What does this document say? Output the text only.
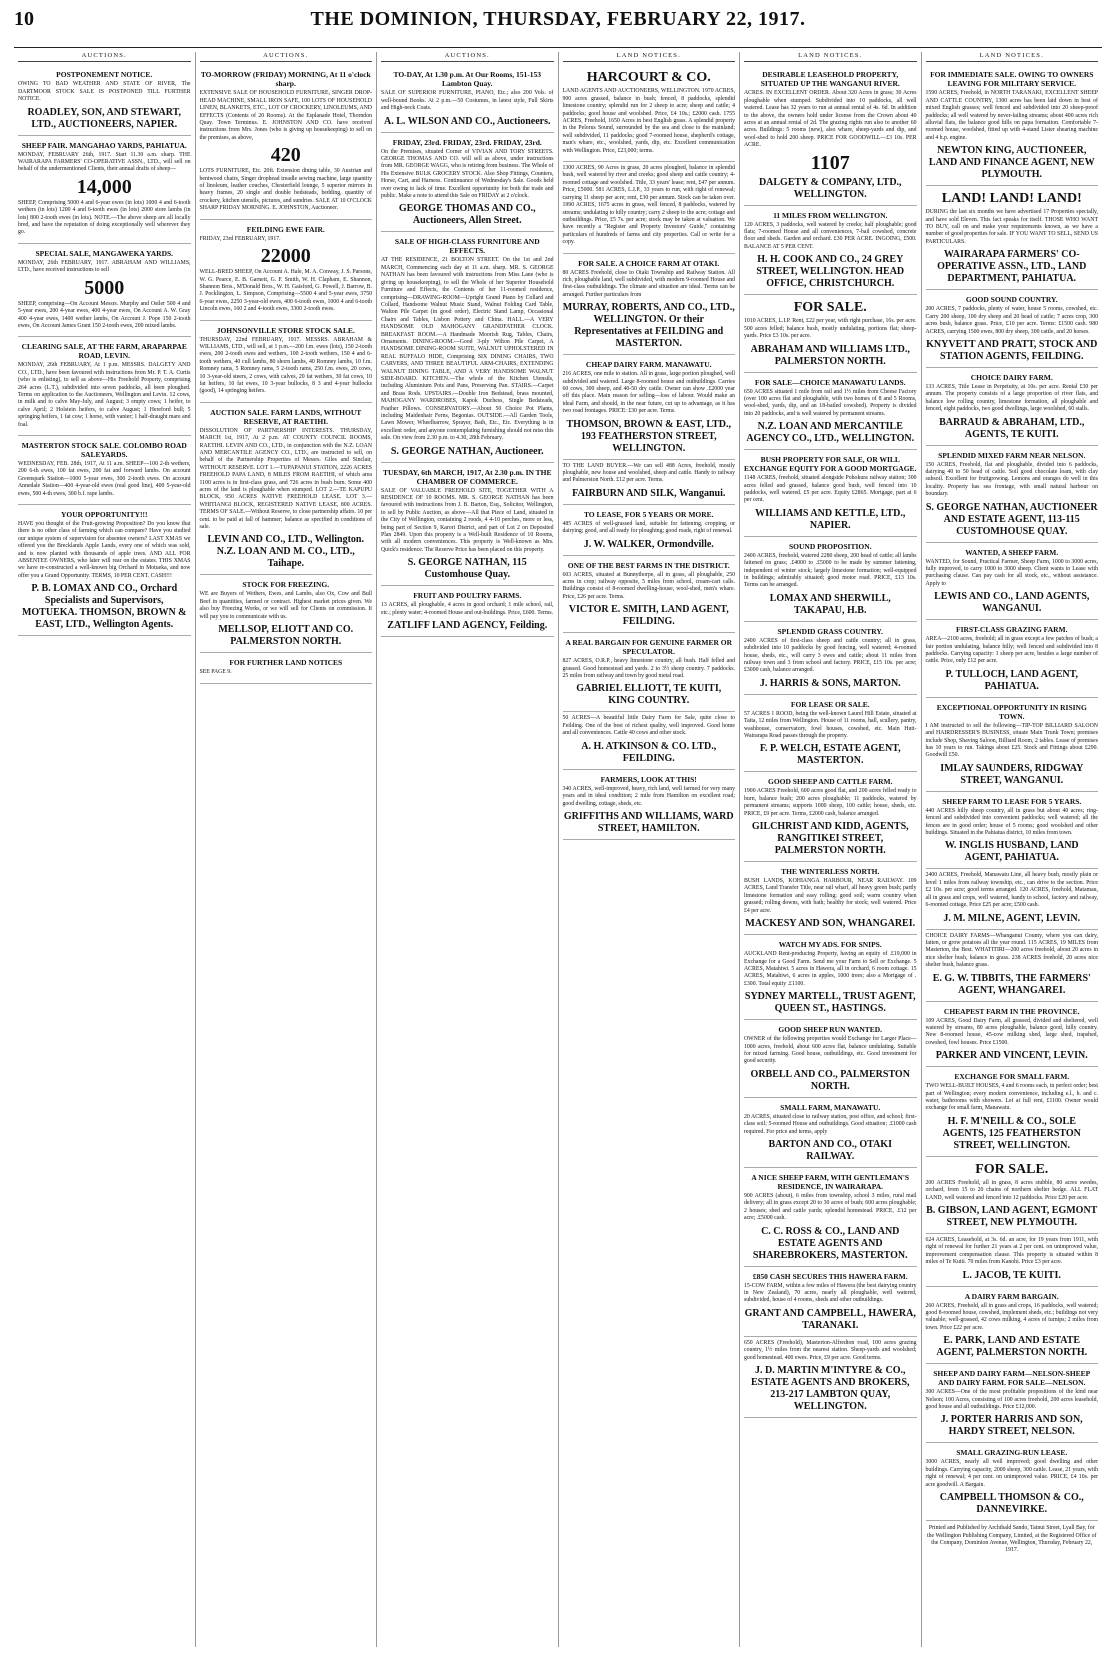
10	THE DOMINION, THURSDAY, FEBRUARY 22, 1917.
AUCTIONS.
POSTPONEMENT NOTICE.

OWING TO BAD WEATHER AND STATE OF RIVER, The DARTMOOR STOCK SALE IS POSTPONED TILL FURTHER NOTICE.

ROADLEY, SON, AND STEWART, LTD., AUCTIONEERS, NAPIER.
SHEEP FAIR. MANGAHAO YARDS, PAHIATUA.

MONDAY, FEBRUARY 26th, 1917. Start 11.30 a.m. sharp. THE WAIRARAPA FARMERS' CO-OPERATIVE ASSN., LTD., will sell on behalf of the undermentioned Clients, their annual drafts of sheep—

14,000

SHEEP, Comprising 5000 4 and 6-year ewes (in lots) 1000 4 and 6-tooth wethers (in lots) 1200 4 and 6-tooth ewes (in lots) 2000 store lambs (in lots) 800 2-tooth ewes (in lots). NOTE.—The above sheep are all locally bred, and have the reputation of doing exceptionally well wherever they go.

SPECIAL SALE, MANGAWEKA YARDS.

MONDAY, 26th FEBRUARY, 1917. ABRAHAM AND WILLIAMS, LTD., have received instructions to sell

5000

SHEEP, comprising—On Account Messrs. Murphy and Ostler 500 4 and 5-year ewes, 200 4-year ewes, 400 4-year ewes, On Account A. W. Gray 400 4-year ewes, 1400 wether lambs, On Account J. Pope 150 2-tooth ewes, On Account James Grant 150 2-tooth ewes, 200 mixed lambs.

CLEARING SALE, AT THE FARM, ARAPARPAE ROAD, LEVIN.

MONDAY, 26th FEBRUARY, At 1 p.m. MESSRS. DALGETY AND CO., LTD., have been favoured with instructions from Mr. P. T. A. Curtis (who is enlisting), to sell as above—His Freehold Property, comprising 264 acres (L.T.), subdivided into seven paddocks, all been ploughed. Terms on application to the Auctioneers, Wellington and Levin. 12 cows, in milk and to calve May-July, and August; 3 empty cows; 1 heifer, to calve April; 2 Holstein heifers, to calve August; 1 Hereford bull; 5 springing heifers, 1 fat cow; 1 horse, with vanier; 1 half-draught mare and foal.

MASTERTON STOCK SALE. COLOMBO ROAD SALEYARDS.

WEDNESDAY, FEB. 28th, 1917, At 11 a.m. SHEEP—100 2-th wethers, 200 6-th ewes, 100 fat ewes, 200 fat and forward lambs. On account Greenspark Station—1000 5-year ewes, 300 2-tooth ewes. On account Annedale Station—400 4-year-old ewes (real good line), 400 5-year-old ewes, 500 4-th ewes, 300 b.f. rape lambs.

YOUR OPPORTUNITY!!!

HAVE you thought of the Fruit-growing Proposition? Do you know that there is no other class of farming which can compare? Have you studied our unique system of supervision for absentee owners? LAST XMAS we offered you the Brecklands Apple Lands, every one of which was sold, and is now planted with thousands of apple trees. AND ALL FOR ABSENTEE OWNERS, who later will rear on the estates. THIS XMAS we have re-constructed a well-known big Orchard in Motueka, and now offer you a Grand Opportunity. TERMS, 10 PER CENT. CASH!!!

P. B. LOMAX AND CO., Orchard Specialists and Supervisors, MOTUEKA. THOMSON, BROWN & EAST, LTD., Wellington Agents.
AUCTIONS.
TO-MORROW (FRIDAY) MORNING, At 11 o'clock sharp.

EXTENSIVE SALE OF HOUSEHOLD FURNITURE, SINGER DROP-HEAD MACHINE, SMALL IRON SAFE, 100 LOTS OF HOUSEHOLD LINEN, BLANKETS, ETC., LOT OF CROCKERY, LINOLEUMS, AND EFFECTS (Contents of 20 Rooms). At the Esplanade Hotel, Thorndon Quay. Town Terminus. E. JOHNSTON AND CO. have received instructions from Mrs. Jones (who is giving up housekeeping) to sell on the premises, as above,

420

LOTS FURNITURE, Etc. 20ft. Extension dining table, 30 Austrian and bentwood chairs, Singer drophead treadle sewing machine, large quantity of linoleum, leather couches, Chesterfield lounge, 5 superior mirrors in heavy frames, 20 single and double bedsteads, bedding, quantity of crockery, kitchen utensils, pictures, and sundries. SALE AT 10 O'CLOCK SHARP FRIDAY MORNING. E. JOHNSTON, Auctioneer.

FEILDING EWE FAIR.

FRIDAY, 23rd FEBRUARY, 1917.

22000

WELL-BRED SHEEP, On Account A. Hale, M. A. Conway, J. S. Parsons, W. G. Pearce, E. B. Garnett, G. F. Smith, W. H. Clapham, E. Shannon, Shannon Bros., M'Donald Bros., W. H. Gaisford, G. Powell, J. Barrow, B. J. Pocklington, L. Simpson, Comprising—5500 4 and 5-year ewes, 3750 6-year ewes, 2250 3-year-old ewes, 400 6-tooth ewes, 1000 4 and 6-tooth Lincoln ewes, 160 2 and 4-tooth ewes, 3300 2-tooth ewes.

JOHNSONVILLE STORE STOCK SALE.

THURSDAY, 22nd FEBRUARY, 1917. MESSRS. ABRAHAM & WILLIAMS, LTD., will sell, at 1 p.m.—200 f.m. ewes (lots), 150 2-tooth ewes, 200 2-tooth ewes and wethers, 100 2-tooth wethers, 150 4 and 6-tooth wethers, 40 cull lambs, 80 shorn lambs, 40 Romney lambs, 10 f.m. Romney rams, 5 Romney rams, 5 2-tooth rams, 250 f.m. ewes, 20 cows, 10 3-year-old steers, 2 cows, with calves, 20 fat wethers, 30 fat cows, 10 fat heifers, 10 fat ewes, 10 3-year bullocks, 8 3 and 4-year bullocks (good), 14 springing heifers.

AUCTION SALE. FARM LANDS, WITHOUT RESERVE, AT RAETIHI.

DISSOLUTION OF PARTNERSHIP INTERESTS. THURSDAY, MARCH 1st, 1917, At 2 p.m. AT COUNTY COUNCIL ROOMS, RAETIHI. LEVIN AND CO., LTD., in conjunction with the N.Z. LOAN AND MERCANTILE AGENCY CO., LTD., are instructed to sell, on behalf of the Partnership Properties of Messrs. Giles and Sinclair, WITHOUT RESERVE. LOT 1.—TUPAPANUI STATION, 2226 ACRES FREEHOLD PAPA LAND, 8 MILES FROM RAETIHI, of which area 1100 acres is in first-class grass, and 726 acres in bush burn. Some 400 acres of the land is ploughable when stumped. LOT 2.—TE KAPUPU BLOCK, 950 ACRES NATIVE FREEHOLD LEASE. LOT 3.—WHITIANGI BLOCK, REGISTERED NATIVE LEASE, 800 ACRES. TERMS OF SALE.—Without Reserve, to close partnership affairs. 10 per cent. to be paid at fall of hammer; balance as specified in conditions of sale.

LEVIN AND CO., LTD., Wellington. N.Z. LOAN AND M. CO., LTD., Taihape.
STOCK FOR FREEZING.

WE are Buyers of Wethers, Ewes, and Lambs, also Ox, Cow and Bull Beef in quantities, farmed or contract. Highest market prices given. We also buy Freezing Works, or we will sell for Clients on commission. It will pay you to communicate with us.

MELLSOP, ELIOTT AND CO. PALMERSTON NORTH.
FOR FURTHER LAND NOTICES

SEE PAGE 9.

AUCTIONS.
TO-DAY, At 1.30 p.m. At Our Rooms, 151-153 Lambton Quay.

SALE OF SUPERIOR FURNITURE, PIANO, Etc.; also 200 Vols. of well-bound Books. At 2 p.m.—50 Costumes, in latest style, Full Skirts and High-neck Coats.

A. L. WILSON AND CO., Auctioneers.
FRIDAY, 23rd. FRIDAY, 23rd. FRIDAY, 23rd.

On the Premises, situated Corner of VIVIAN AND TORY STREETS. GEORGE THOMAS AND CO. will sell as above, under instructions from MR. GEORGE WAGG, who is retiring from business. The Whole of His Extensive BULK GROCERY STOCK. Also Shop Fittings, Counters, Horse, Cart, and Harness. Continuance of Wednesday's Sale. Goods held over owing to lack of time. Excellent opportunity for both the trade and public. Make a note to attend this Sale on FRIDAY at 2 o'clock.

GEORGE THOMAS AND CO., Auctioneers, Allen Street.
SALE OF HIGH-CLASS FURNITURE AND EFFECTS.

AT THE RESIDENCE, 21 BOLTON STREET. On the 1st and 2nd MARCH, Commencing each day at 11 a.m. sharp. MR. S. GEORGE NATHAN has been favoured with instructions from Miss Lane (who is giving up housekeeping), to sell the Whole of her Superior Household Furniture and Effects, the Contents of her 11-roomed residence, comprising—DRAWING-ROOM—Upright Grand Piano by Collard and Collard, Handsome Walnut Music Stand, Walnut Folding Card Table, Walton Pile Carpet (in good order), Electric Stand Lamp, Occasional Chairs and Tables, Lisbon Pottery and China. HALL.—A VERY HANDSOME OLD MAHOGANY GRANDFATHER CLOCK. BREAKFAST ROOM.—A Handmade Moorish Rug, Tables, Chairs, Ornaments. DINING-ROOM.—Good 3-ply Wilton Pile Carpet, A HANDSOME DINING-ROOM SUITE, WALNUT UPHOLSTERED IN REAL BUFFALO HIDE, Comprising SIX DINING CHAIRS, TWO CARVERS, AND THREE BEAUTIFUL ARM-CHAIRS, EXTENDING WALNUT DINING TABLE, AND A VERY HANDSOME WALNUT SIDE-BOARD. KITCHEN.—The whole of the Kitchen Utensils, including Aluminium Pots and Pans, Preserving Pan. STAIRS.—Carpet and Brass Rods. UPSTAIRS.—Double Iron Bedstead, brass mounted, MAHOGANY WARDROBES, Kapok Duchess, Single Bedsteads, Feather Pillows. CONSERVATORY.—About 50 Choice Pot Plants, including Maidenhair Ferns, Begonias. OUTSIDE.—All Garden Tools, Lawn Mower, Wheelbarrow, Sprayer, Bath, Etc., Etc. Everything is in excellent order, and anyone contemplating furnishing should not miss this sale. On view from 2.30 p.m. to 4.30, 28th February.

S. GEORGE NATHAN, Auctioneer.
TUESDAY, 6th MARCH, 1917, At 2.30 p.m. IN THE CHAMBER OF COMMERCE.

SALE OF VALUABLE FREEHOLD SITE, TOGETHER WITH A RESIDENCE OF 10 ROOMS. MR. S. GEORGE NATHAN has been favoured with instructions from J. B. Barton, Esq., Solicitor, Wellington, to sell by Public Auction, as above—All that Piece of Land, situated in the City of Wellington, containing 2 roods, 4 4-10 perches, more or less, being part of Section 9, Karori District, and part of Lot 2 on Deposited Plan 2849. Upon this property is a Well-built Residence of 10 Rooms, with all modern conveniences. This property is Well-known as Mrs. Quick's residence. The Reserve Price has been placed on this property.

S. GEORGE NATHAN, 115 Customhouse Quay.
FRUIT AND POULTRY FARMS.

13 ACRES, all ploughable, 4 acres in good orchard; 1 mile school, rail, etc.; plenty water; 4-roomed House and out-buildings. Price, £600. Terms.

ZATLIFF LAND AGENCY, Feilding.
LAND NOTICES.
HARCOURT & CO.

LAND AGENTS AND AUCTIONEERS, WELLINGTON. 1970 ACRES, 900 acres grassed, balance in bush; fenced, 8 paddocks, splendid limestone country; splendid run for 2 sheep to acre; sheep and cattle; 4 paddocks; good house and woolshed. Price, £4 10s.; £2000 cash. 1755 ACRES, Freehold, 1650 Acres in best English grass. A splendid property in the Pelorus Sound, surrounded by the sea and close to the mainland; well subdivided, 11 paddocks; good 7-roomed house, shepherd's cottage, man's whare, etc., woolshed, yards, dip, etc. Excellent communication with Wellington. Price, £23,000; terms.

1300 ACRES, 90 Acres in grass, 20 acres ploughed, balance in splendid bush, well watered by river and creeks; good sheep and cattle country; 4-roomed cottage and woolshed. Title, 33 years' lease; rent, £47 per annum. Price, £5000. 581 ACRES, L.I.P., 33 years to run, with right of renewal; carrying 11 sheep per acre; rent, £30 per annum. Stock can be taken over. 1990 ACRES, 1675 acres in grass, well fenced, 8 paddocks, watered by streams; undulating to hilly country; carry 2 sheep to the acre; cottage and outbuildings. Price, £5 7s. per acre; stock may be taken at valuation. We have recently a "Register and Property Investors' Guide," containing particulars of hundreds of farms and city properties. Call or write for a copy.

FOR SALE. A CHOICE FARM AT OTAKI.

80 ACRES Freehold, close to Otaki Township and Railway Station. All rich, ploughable land, well subdivided, with modern 9-roomed House and first-class outbuildings. The climate and situation are ideal. Terms can be arranged. Further particulars from

MURRAY, ROBERTS, AND CO., LTD., WELLINGTON. Or their Representatives at FEILDING and MASTERTON.
CHEAP DAIRY FARM. MANAWATU.

216 ACRES, one mile to station. All in grass, large portion ploughed, well subdivided and watered. Large 8-roomed house and outbuildings. Carries 60 cows, 300 sheep, and 40-50 dry cattle. Owner can show .£2000 year off this place. Main reason for selling—loss of labour. Would make an ideal Farm, and should, in the near future, cut up to advantage, as it has two road frontages. PRICE: £30 per acre. Terms.

THOMSON, BROWN & EAST, LTD., 193 FEATHERSTON STREET, WELLINGTON.

TO THE LAND BUYER.—We can sell 488 Acres, freehold, mostly ploughable, new house and woolshed, sheep and cattle. Handy to railway and Palmerston North. £12 per acre. Terms.

FAIRBURN AND SILK, Wanganui.
TO LEASE, FOR 5 YEARS OR MORE.

485 ACRES of well-grassed land, suitable for fattening, cropping, or dairying; good, and all ready for ploughing; good roads, right of renewal.

J. W. WALKER, Ormondville.
ONE OF THE BEST FARMS IN THE DISTRICT.

603 ACRES, situated at Bunnythorpe, all in grass, all ploughable, 250 acres in crop; railway opposite, 5 miles from school, cream-cart calls. Buildings consist of 8-roomed dwelling-house, wool-shed, men's whare. Price, £26 per acre. Terms.

VICTOR E. SMITH, LAND AGENT, FEILDING.
A REAL BARGAIN FOR GENUINE FARMER OR SPECULATOR.

827 ACRES, O.R.P., heavy limestone country, all bush. Half felled and grassed. Good homestead and yards. 2 to 3½ sheep country. 7 paddocks. 25 miles from railway and town by good metal road.

GABRIEL ELLIOTT, TE KUITI, KING COUNTRY.

50 ACRES—A beautiful little Dairy Farm for Sale, quite close to Feilding. One of the best of richest quality, well improved. Good home and all conveniences. Cattle 40 cows and other stock.

A. H. ATKINSON & CO. LTD., FEILDING.
FARMERS, LOOK AT THIS!

340 ACRES, well-improved, heavy, rich land, well farmed for very many years and in ideal condition; 2 mile from Hamilton on excellent road; good dwelling, cottage, sheds, etc.

GRIFFITHS AND WILLIAMS, WARD STREET, HAMILTON.
LAND NOTICES.
DESIRABLE LEASEHOLD PROPERTY, SITUATED UP THE WANGANUI RIVER.

ACRES. IN EXCELLENT ORDER. About 320 Acres in grass; 30 Acres ploughable when stumped. Subdivided into 10 paddocks, all well watered. Lease has 32 years to run at annual rental of 4s. 6d. In addition to the above, the owners hold under license from the Crown about 40 acres at an annual rental of 2d. The grazing rights run also to another 60 acres. Buildings: 5 rooms (new), also whare, sheep-yards and dip, and wool-shed to hold 200 sheep. PRICE FOR GOODWILL—£3 10s. PER ACRE.

1107
DALGETY & COMPANY, LTD., WELLINGTON.
11 MILES FROM WELLINGTON.

120 ACRES, 3 paddocks, well watered by creeks; half ploughable; good flats; 7-roomed House and all conveniences, 7-bail cowshed, concrete floor and sheds. Garden and orchard. £30 PER ACRE. INGOING, £500. BALANCE AT 5 PER CENT.

H. H. COOK AND CO., 24 GREY STREET, WELLINGTON. HEAD OFFICE, CHRISTCHURCH.
FOR SALE.

1010 ACRES, L.I.P. Rent, £22 per year, with right purchase, 16s. per acre. 500 acres felled; balance bush, mostly undulating, portions flat; sheep-yards. Price £3 10s. per acre.

ABRAHAM AND WILLIAMS LTD., PALMERSTON NORTH.
FOR SALE—CHOICE MANAWATU LANDS.

650 ACRES situated 1 mile from rail and 1½ miles from Cheese Factory (over 100 acres flat and ploughable, with two homes of 8 and 5 Rooms, wool-shed, yards, dip, and an 18-bailed cowshed). Property is divided into 20 paddocks, and is well watered by permanent streams.

N.Z. LOAN AND MERCANTILE AGENCY CO., LTD., WELLINGTON.
BUSH PROPERTY FOR SALE, OR WILL EXCHANGE EQUITY FOR A GOOD MORTGAGE.

1148 ACRES, freehold, situated alongside Pohokura railway station; 300 acres felled and grassed, balance good bush, well fenced into 10 paddocks, well watered. £5 per acre. Equity £2865. Mortgage, part at 6 per cent.

WILLIAMS AND KETTLE, LTD., NAPIER.
SOUND PROPOSITION.

2400 ACRES, freehold, watered 2280 sheep, 200 head of cattle; all lambs fattened on grass; .£4000 to .£5000 to be made by summer fattening, independent of winter stock; largely limestone formation; well-equipped in buildings; admirably situated; good motor road. PRICE, £13 10s. Terms can be arranged.

LOMAX AND SHERWILL, TAKAPAU, H.B.
SPLENDID GRASS COUNTRY.

2400 ACRES of first-class sheep and cattle country; all in grass, subdivided into 10 paddocks by good fencing, well watered; 4-roomed house, sheds, etc., will carry 3 ewes and cattle; about 11 miles from railway town and 3 from school and factory. PRICE, £15 10s. per acre; £3000 cash, balance arranged.

J. HARRIS & SONS, MARTON.
FOR LEASE OR SALE.

57 ACRES 1 ROOD, being the well-known Laurel Hill Estate, situated at Taita, 12 miles from Wellington. House of 11 rooms, hall, scullery, pantry, washhouse, conservatory, fowl houses, cowshed, etc. Main Hutt-Wairarapa Road passes through the property.

F. P. WELCH, ESTATE AGENT, MASTERTON.
GOOD SHEEP AND CATTLE FARM.

1900 ACRES Freehold, 600 acres good flat, and 200 acres felled ready to burn, balance bush; 200 acres ploughable; 11 paddocks, watered by permanent streams; supports 1000 sheep, 100 cattle; house, sheds, etc. PRICE, £9 per acre. Terms, £2000 cash, balance arranged.

GILCHRIST AND KIDD, AGENTS, RANGITIKEI STREET, PALMERSTON NORTH.
THE WINTERLESS NORTH.

BUSH LANDS, KOHIANGA HARBOUR, NEAR RAILWAY. 109 ACRES, Land Transfer Title, near rail wharf, all heavy green bush; partly limestone formation and easy rolling; good soil; warm country when grassed; rolling downs, with bath; healthy for stock; well watered. Price £4 per acre.

MACKESY AND SON, WHANGAREI.
WATCH MY ADS. FOR SNIPS.

AUCKLAND Rent-producing Property, having an equity of .£19,000 in Exchange for a Good Farm. Send me your Farm to Sell or Exchange. 5 ACRES, Matahiwi. 5 acres in Hawera, all in orchard, 6 room cottage. 15 ACRES, Matahiwi, 6 acres in apples, 1000 trees; also a Mortgage of .£300. Total equity .£1100.

SYDNEY MARTELL, TRUST AGENT, QUEEN ST., HASTINGS.
GOOD SHEEP RUN WANTED.

OWNER of the following properties would Exchange for Larger Place—1000 acres, freehold, about 600 acres flat, balance undulating. Suitable for mixed farming. Good house, outbuildings, etc. Good investment for good security.

ORBELL AND CO., PALMERSTON NORTH.
SMALL FARM, MANAWATU.

20 ACRES, situated close to railway station, post office, and school; first-class soil; 5-roomed House and outbuildings. Good situation; .£1000 cash required. For price and terms, apply

BARTON AND CO., OTAKI RAILWAY.
A NICE SHEEP FARM, WITH GENTLEMAN'S RESIDENCE, IN WAIRARAPA.

900 ACRES (about), 6 miles from township, school 3 miles, rural mail delivery; all in grass except 20 to 30 acres of bush; 600 acres ploughable; 2 houses; shed and cattle yards; splendid homestead. PRICE, .£12 per acre; .£5000 cash.

C. C. ROSS & CO., LAND AND ESTATE AGENTS AND SHAREBROKERS, MASTERTON.
£850 CASH SECURES THIS HAWERA FARM.

15-COW FARM, within a few miles of Hawera (the best dairying country in New Zealand), 70 acres, nearly all ploughable, well watered, subdivided, house of 4 rooms, sheds and other outbuildings.

GRANT AND CAMPBELL, HAWERA, TARANAKI.

650 ACRES (Freehold), Masterton-Alfredton road, 100 acres grazing country, 1½ miles from the nearest station. Sheep-yards and woolshed; good homestead. 400 ewes. Price, £9 per acre. Good terms.

J. D. MARTIN M'INTYRE & CO., ESTATE AGENTS AND BROKERS, 213-217 LAMBTON QUAY, WELLINGTON.
LAND NOTICES.
FOR IMMEDIATE SALE. OWING TO OWNERS LEAVING FOR MILITARY SERVICE.

1590 ACRES, Freehold, in NORTH TARANAKI, EXCELLENT SHEEP AND CATTLE COUNTRY, 1300 acres has been laid down in best of mixed English grasses; well fenced and subdivided into 20 sheep-proof paddocks; all well watered by never-failing streams; about 400 acres rich alluvial flats, the balance good hills on papa formation. Comfortable 7-roomed house, woolshed, fitted up with 4-stand Lister shearing machine and 4 h.p. engine.

NEWTON KING, AUCTIONEER, LAND AND FINANCE AGENT, NEW PLYMOUTH.
LAND! LAND! LAND!

DURING the last six months we have advertised 17 Properties specially, and have sold Eleven. This fact speaks for itself. THOSE WHO WANT TO BUY, call on and make your requirements known, as we have a number of good properties for sale. IF YOU WANT TO SELL, SEND US PARTICULARS.

WAIRARAPA FARMERS' CO-OPERATIVE ASSN., LTD., LAND DEPARTMENT, PAHIATUA.
GOOD SOUND COUNTRY.

200 ACRES, 7 paddocks, plenty of water, house 5 rooms, cowshed, etc. Carry 200 sheep, 100 dry sheep and 20 head of cattle; 7 acres crop, 300 acres bush, balance grass. Price, £10 per acre. Terms: £1500 cash. 980 ACRES, carrying 1500 ewes, 800 dry sheep, 300 cattle, and 20 horses.

KNYVETT AND PRATT, STOCK AND STATION AGENTS, FEILDING.
CHOICE DAIRY FARM.

133 ACRES, Title Lease in Perpetuity, at 10s. per acre. Rental £30 per annum. The property consists of a large proportion of river flats, and balance low rolling country, limestone formation, all ploughable and fenced, eight paddocks, two good dwellings, large woolshed, 60 stalls.

BARRAUD & ABRAHAM, LTD., AGENTS, TE KUITI.
SPLENDID MIXED FARM NEAR NELSON.

150 ACRES, Freehold, flat and ploughable, divided into 6 paddocks, dairying 40 to 50 head of cattle. Soil good chocolate loam, with clay subsoil. Excellent for fruitgrowing. Lemons and oranges do well in this locality. Property has sea frontage, with small natural harbour on boundary.

S. GEORGE NATHAN, AUCTIONEER AND ESTATE AGENT, 113-115 CUSTOMHOUSE QUAY.
WANTED, A SHEEP FARM.

WANTED, for Sound, Practical Farmer, Sheep Farm, 1000 to 3000 acres, fully improved, to carry 1000 to 3000 sheep. Client wants to Lease with purchasing clause. Can pay cash for all stock, etc., without assistance. Apply to

LEWIS AND CO., LAND AGENTS, WANGANUI.
FIRST-CLASS GRAZING FARM.

AREA—2100 acres, freehold; all in grass except a few patches of bush; a fair portion undulating, balance hilly; well fenced and subdivided into 8 paddocks. Carrying capacity: 1 sheep per acre, besides a large number of cattle. Price, only £12 per acre.

P. TULLOCH, LAND AGENT, PAHIATUA.
EXCEPTIONAL OPPORTUNITY IN RISING TOWN.

I AM instructed to sell the following—TIP-TOP BILLIARD SALOON and HAIRDRESSER'S BUSINESS, situate Main Trunk Town; premises include Shop, Shaving Saloon, Billiard Room, 2 tables. Lease of premises has 10 years to run. Takings about £25. Stock and Fittings about £290. Goodwill £50.

IMLAY SAUNDERS, RIDGWAY STREET, WANGANUI.
SHEEP FARM TO LEASE FOR 5 YEARS.

440 ACRES hilly sheep country, all in grass but about 40 acres; ring-fenced and subdivided into convenient paddocks; well watered; all the fences are in good order; house of 5 rooms; good woolshed and other buildings. Situated in the Pahiatua district, 10 miles from town.

W. INGLIS HUSBAND, LAND AGENT, PAHIATUA.

2400 ACRES, Freehold, Manawatu Line, all heavy bush, mostly plain or level 1 miles from railway township, etc., can drive to the section. Price £2 10s. per acre; good terms arranged. 120 ACRES, freehold, Matamau, all in grass and crops, well watered, handy to school, factory and railway, 6-roomed cottage. Price £25 per acre; £500 cash.

J. M. MILNE, AGENT, LEVIN.

CHOICE DAIRY FARMS—Whanganui County, where you can dairy, fatten, or grow potatoes all the year round. 115 ACRES, 19 MILES from Masterton, the Best. WHATITIRI—200 acres freehold, about 20 acres in nice shelter bush, balance in grass. 238 ACRES freehold, 20 acres nice shelter bush, balance grass.

E. G. W. TIBBITS, THE FARMERS' AGENT, WHANGAREI.
CHEAPEST FARM IN THE PROVINCE.

109 ACRES, Good Dairy Farm, all grassed, divided and sheltered, well watered by streams, 80 acres ploughable, balance good, hilly country. New 8-roomed house, 45-cow milking shed, large shed, trapshed, cowshed, fowl houses. Price £1500.

PARKER AND VINCENT, LEVIN.
EXCHANGE FOR SMALL FARM.

TWO WELL-BUILT HOUSES, 4 and 6 rooms each, in perfect order; best part of Wellington; every modern convenience, including e.l., h. and c. water, bathrooms with showers. Let at full rent, £1100. Owner would exchange for small farm, Manawatu.

H. F. M'NEILL & CO., SOLE AGENTS, 125 FEATHERSTON STREET, WELLINGTON.
FOR SALE.

200 ACRES Freehold, all in grass, 8 acres stubble, 80 acres swedes, orchard, from 15 to 20 chains of northern shelter hedge. ALL FLAT LAND, well watered and fenced into 12 paddocks. Price £20 per acre.

B. GIBSON, LAND AGENT, EGMONT STREET, NEW PLYMOUTH.

624 ACRES, Leasehold, at 3s. 6d. an acre, for 19 years from 1911, with right of renewal for further 21 years at 2 per cent. on unimproved value, improvement compensation clause. This property is situated within 8 miles of Te Kuiti. 70 miles from Kanohi. Price £3 per acre.

L. JACOB, TE KUITI.
A DAIRY FARM BARGAIN.

260 ACRES, Freehold, all in grass and crops, 16 paddocks, well watered; good 8-roomed house, cowshed, implement sheds, etc.; buildings not very valuable; well-grassed, 42 cows milking, 4 acres of turnips; 2 miles from town. Price £22 per acre.

E. PARK, LAND AND ESTATE AGENT, PALMERSTON NORTH.
SHEEP AND DAIRY FARM—NELSON-SHEEP AND DAIRY FARM. FOR SALE—NELSON.

300 ACRES—One of the most profitable propositions of the kind near Nelson; 100 Acres, consisting of 100 acres freehold, 200 acres leasehold, good house and all outbuildings. Price £12,000.

J. PORTER HARRIS AND SON, HARDY STREET, NELSON.
SMALL GRAZING-RUN LEASE.

3000 ACRES, nearly all well improved; good dwelling and other buildings. Carrying capacity, 2000 sheep, 300 cattle. Lease, 21 years, with right of renewal; 4 per cent. on unimproved value. PRICE, £4 10s. per acre goodwill. A Bargain.

CAMPBELL THOMSON & CO., DANNEVIRKE.
Printed and Published by Archibald Sando, Tainui Street, Lyall Bay, for the Wellington Publishing Company, Limited, at the Registered Office of the Company, Dominion Avenue, Wellington, Thursday, February 22, 1917.
